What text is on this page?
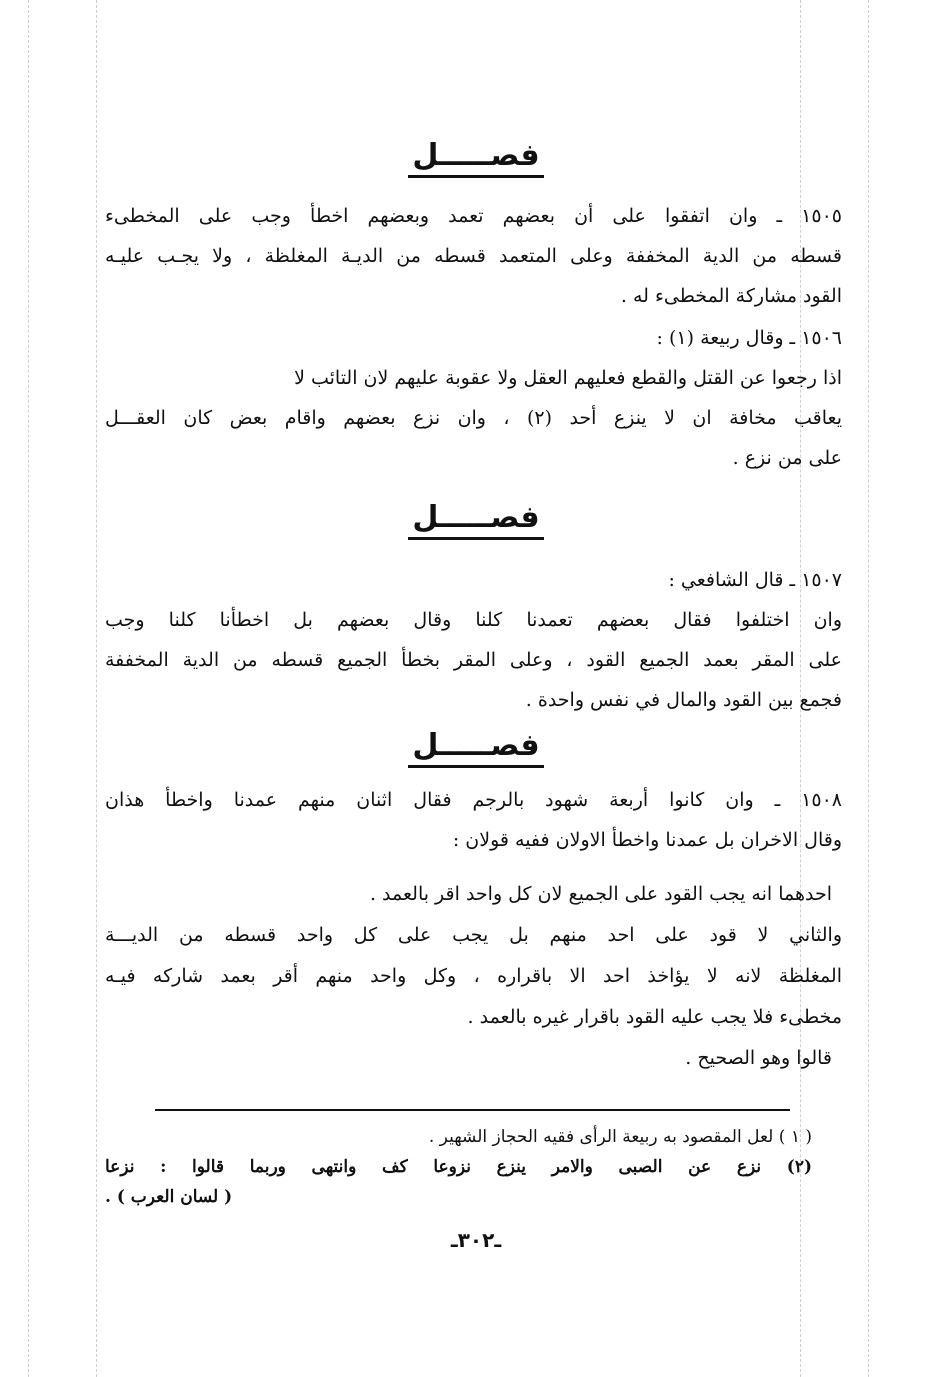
فصـــــل
١٥٠٥ ـ وان اتفقوا على أن بعضهم تعمد وبعضهم اخطأ وجب على المخطىء
قسطه من الدية المخففة وعلى المتعمد قسطه من الديـة المغلظة ، ولا يجـب عليـه
القود مشاركة المخطىء له .
١٥٠٦ ـ وقال ربيعة (١) :
اذا رجعوا عن القتل والقطع فعليهم العقل ولا عقوبة عليهم لان التائب لا
يعاقب مخافة ان لا ينزع أحد (٢) ، وان نزع بعضهم واقام بعض كان العقـــل
على من نزع .
فصـــــل
١٥٠٧ ـ قال الشافعي :
وان اختلفوا فقال بعضهم تعمدنا كلنا وقال بعضهم بل اخطأنا كلنا وجب
على المقر بعمد الجميع القود ، وعلى المقر بخطأ الجميع قسطه من الدية المخففة
فجمع بين القود والمال في نفس واحدة .
فصـــــل
١٥٠٨ ـ وان كانوا أربعة شهود بالرجم فقال اثنان منهم عمدنا واخطأ هذان
وقال الاخران بل عمدنا واخطأ الاولان ففيه قولان :
احدهما انه يجب القود على الجميع لان كل واحد اقر بالعمد .
والثاني لا قود على احد منهم بل يجب على كل واحد قسطه من الديـــة
المغلظة لانه لا يؤاخذ احد الا باقراره ، وكل واحد منهم أقر بعمد شاركه فيـه
مخطىء فلا يجب عليه القود باقرار غيره بالعمد .
قالوا وهو الصحيح .
( ١ ) لعل المقصود به ربيعة الرأى فقيه الحجاز الشهير .
(٢) نزع عن الصبى والامر ينزع نزوعا كف وانتهى وربما قالوا : نزعا
( لسان العرب ) .
ـ٣٠٢ـ
